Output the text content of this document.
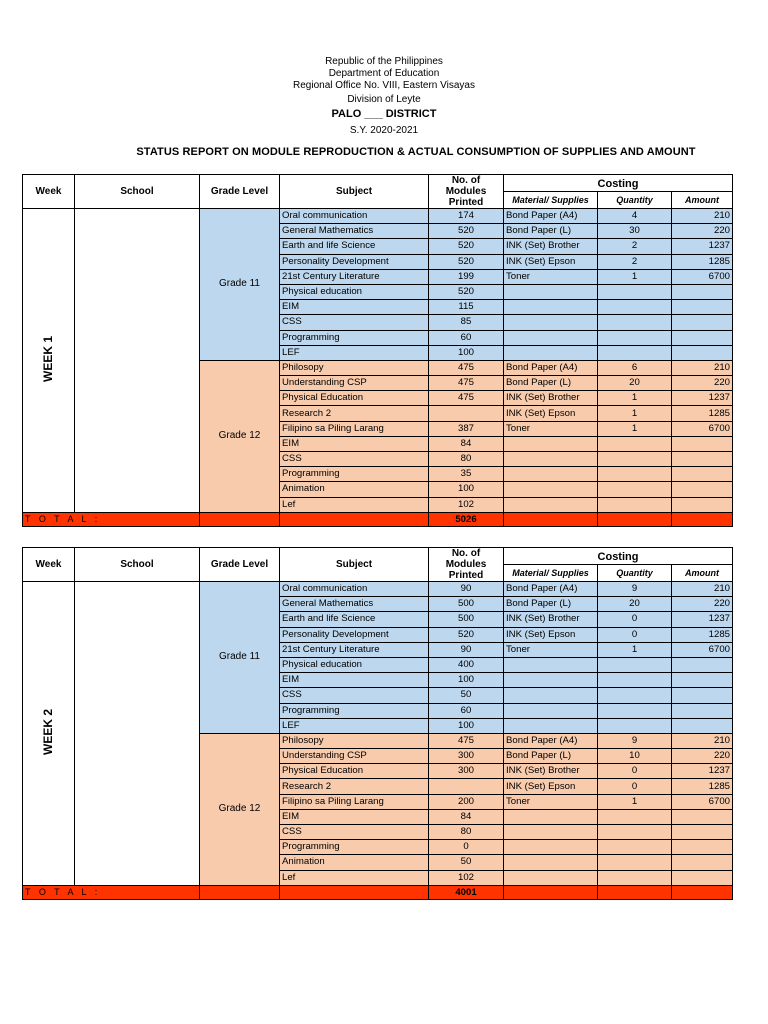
Republic of the Philippines
Department of Education
Regional Office No. VIII, Eastern Visayas
Division of Leyte
PALO ___ DISTRICT
S.Y. 2020-2021
STATUS REPORT ON MODULE REPRODUCTION & ACTUAL CONSUMPTION OF SUPPLIES AND AMOUNT
Week	School	Grade Level	Subject	No. of Modules Printed	Costing		
					Material/ Supplies	Quantity	Amount
WEEK 1		Grade 11	Oral communication	174	Bond Paper (A4)	4	210
			General Mathematics	520	Bond Paper (L)	30	220
			Earth and life Science	520	INK (Set) Brother	2	1237
			Personality Development	520	INK (Set) Epson	2	1285
			21st Century Literature	199	Toner	1	6700
			Physical education	520			
			EIM	115			
			CSS	85			
			Programming	60			
			LEF	100			
		Grade 12	Philosopy	475	Bond Paper (A4)	6	210
			Understanding CSP	475	Bond Paper (L)	20	220
			Physical Education	475	INK (Set) Brother	1	1237
			Research 2		INK (Set) Epson	1	1285
			Filipino sa Piling Larang	387	Toner	1	6700
			EIM	84			
			CSS	80			
			Programming	35			
			Animation	100			
			Lef	102			
T O T A L :				5026			
Week	School	Grade Level	Subject	No. of Modules Printed	Costing		
					Material/ Supplies	Quantity	Amount
WEEK 2		Grade 11	Oral communication	90	Bond Paper (A4)	9	210
			General Mathematics	500	Bond Paper (L)	20	220
			Earth and life Science	500	INK (Set) Brother	0	1237
			Personality Development	520	INK (Set) Epson	0	1285
			21st Century Literature	90	Toner	1	6700
			Physical education	400			
			EIM	100			
			CSS	50			
			Programming	60			
			LEF	100			
		Grade 12	Philosopy	475	Bond Paper (A4)	9	210
			Understanding CSP	300	Bond Paper (L)	10	220
			Physical Education	300	INK (Set) Brother	0	1237
			Research 2		INK (Set) Epson	0	1285
			Filipino sa Piling Larang	200	Toner	1	6700
			EIM	84			
			CSS	80			
			Programming	0			
			Animation	50			
			Lef	102			
T O T A L :				4001			
